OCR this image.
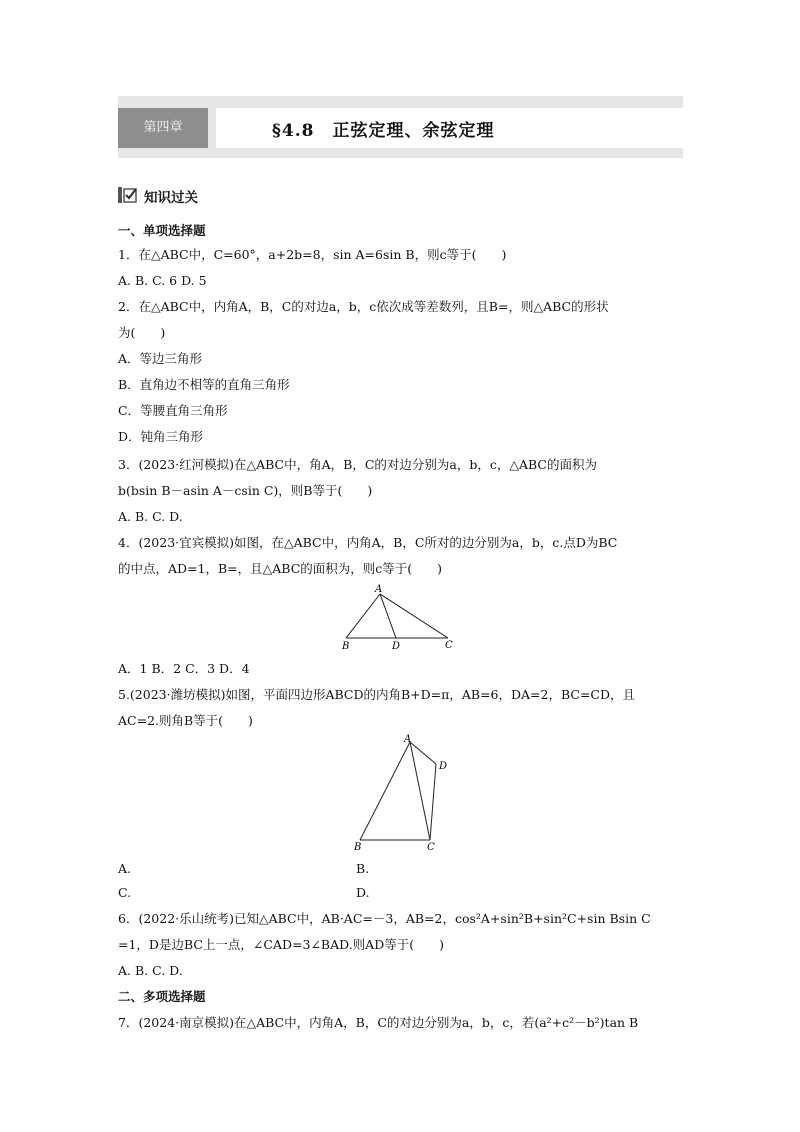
第四章	§4.8　正弦定理、余弦定理
知识过关
一、单项选择题
1．在△ABC中，C=60°，a+2b=8，sin A=6sin B，则c等于(　　)
A. B. C. 6 D. 5
2．在△ABC中，内角A，B，C的对边a，b，c依次成等差数列，且B=，则△ABC的形状
为(　　)
A．等边三角形
B．直角边不相等的直角三角形
C．等腰直角三角形
D．钝角三角形
3．(2023·红河模拟)在△ABC中，角A，B，C的对边分别为a，b，c，△ABC的面积为
b(bsin B－asin A－csin C)，则B等于(　　)
A. B. C. D.
4．(2023·宜宾模拟)如图，在△ABC中，内角A，B，C所对的边分别为a，b，c.点D为BC
的中点，AD=1，B=，且△ABC的面积为，则c等于(　　)
A
B	D	C
A．1 B．2 C．3 D．4
5.(2023·潍坊模拟)如图，平面四边形ABCD的内角B+D=π，AB=6，DA=2，BC=CD，且
AC=2.则角B等于(　　)
A
D
B	C
A.	B.
C.	D.
6．(2022·乐山统考)已知△ABC中，AB·AC=－3，AB=2，cos²A+sin²B+sin²C+sin Bsin C
=1，D是边BC上一点，∠CAD=3∠BAD.则AD等于(　　)
A. B. C. D.
二、多项选择题
7．(2024·南京模拟)在△ABC中，内角A，B，C的对边分别为a，b，c，若(a²+c²－b²)tan B
